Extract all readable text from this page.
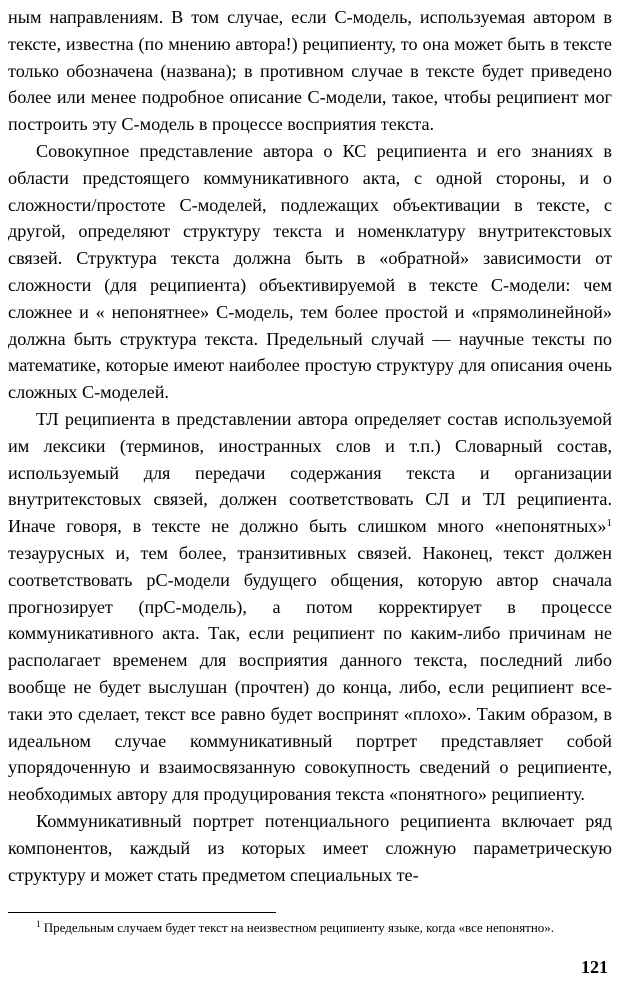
ным направлениям. В том случае, если С-модель, используемая автором в тексте, известна (по мнению автора!) реципиенту, то она может быть в тексте только обозначена (названа); в противном случае в тексте будет приведено более или менее подробное описание С-модели, такое, чтобы реципиент мог построить эту С-модель в процессе восприятия текста.

Совокупное представление автора о КС реципиента и его знаниях в области предстоящего коммуникативного акта, с одной стороны, и о сложности/простоте С-моделей, подлежащих объективации в тексте, с другой, определяют структуру текста и номенклатуру внутритекстовых связей. Структура текста должна быть в «обратной» зависимости от сложности (для реципиента) объективируемой в тексте С-модели: чем сложнее и « непонятнее» С-модель, тем более простой и «прямолинейной» должна быть структура текста. Предельный случай — научные тексты по математике, которые имеют наиболее простую структуру для описания очень сложных С-моделей.

ТЛ реципиента в представлении автора определяет состав используемой им лексики (терминов, иностранных слов и т.п.) Словарный состав, используемый для передачи содержания текста и организации внутритекстовых связей, должен соответствовать СЛ и ТЛ реципиента. Иначе говоря, в тексте не должно быть слишком много «непонятных»$^1$ тезаурусных и, тем более, транзитивных связей. Наконец, текст должен соответствовать рС-модели будущего общения, которую автор сначала прогнозирует (прС-модель), а потом корректирует в процессе коммуникативного акта. Так, если реципиент по каким-либо причинам не располагает временем для восприятия данного текста, последний либо вообще не будет выслушан (прочтен) до конца, либо, если реципиент все-таки это сделает, текст все равно будет воспринят «плохо». Таким образом, в идеальном случае коммуникативный портрет представляет собой упорядоченную и взаимосвязанную совокупность сведений о реципиенте, необходимых автору для продуцирования текста «понятного» реципиенту.

Коммуникативный портрет потенциального реципиента включает ряд компонентов, каждый из которых имеет сложную параметрическую структуру и может стать предметом специальных те-

$^1$ Предельным случаем будет текст на неизвестном реципиенту языке, когда «все непонятно».
121
